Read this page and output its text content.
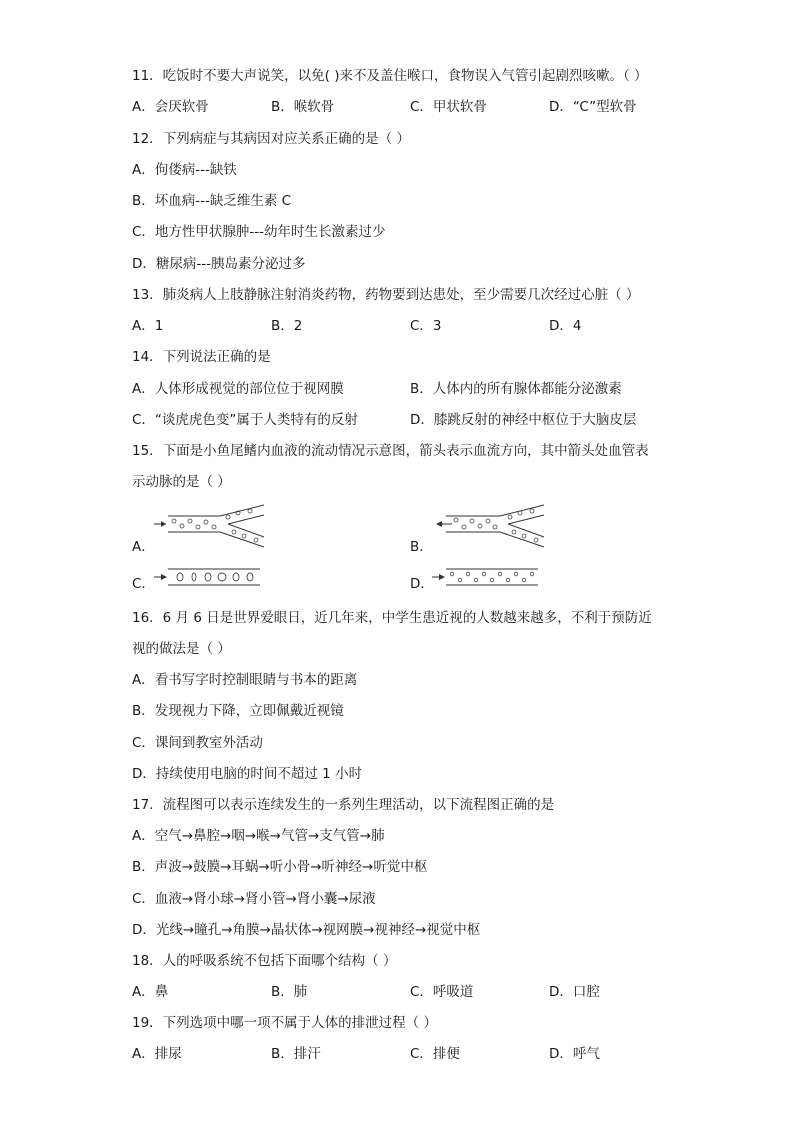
11．吃饭时不要大声说笑，以免( )来不及盖住喉口，食物误入气管引起剧烈咳嗽。（ ）
A．会厌软骨	B．喉软骨	C．甲状软骨	D．“C”型软骨
12．下列病症与其病因对应关系正确的是（ ）
A．佝偻病---缺铁
B．坏血病---缺乏维生素 C
C．地方性甲状腺肿---幼年时生长激素过少
D．糖尿病---胰岛素分泌过多
13．肺炎病人上肢静脉注射消炎药物，药物要到达患处，至少需要几次经过心脏（ ）
A．1	B．2	C．3	D．4
14．下列说法正确的是
A．人体形成视觉的部位位于视网膜	B．人体内的所有腺体都能分泌激素
C．“谈虎虎色变”属于人类特有的反射	D．膝跳反射的神经中枢位于大脑皮层
15．下面是小鱼尾鳍内血液的流动情况示意图，箭头表示血流方向，其中箭头处血管表
示动脉的是（ ）
A．	B．
C．	D．
16．6 月 6 日是世界爱眼日，近几年来，中学生患近视的人数越来越多，不利于预防近
视的做法是（ ）
A．看书写字时控制眼睛与书本的距离
B．发现视力下降，立即佩戴近视镜
C．课间到教室外活动
D．持续使用电脑的时间不超过 1 小时
17．流程图可以表示连续发生的一系列生理活动，以下流程图正确的是
A．空气→鼻腔→咽→喉→气管→支气管→肺
B．声波→鼓膜→耳蜗→听小骨→听神经→听觉中枢
C．血液→肾小球→肾小管→肾小囊→尿液
D．光线→瞳孔→角膜→晶状体→视网膜→视神经→视觉中枢
18．人的呼吸系统不包括下面哪个结构（ ）
A．鼻	B．肺	C．呼吸道	D．口腔
19．下列选项中哪一项不属于人体的排泄过程（ ）
A．排尿	B．排汗	C．排便	D．呼气
